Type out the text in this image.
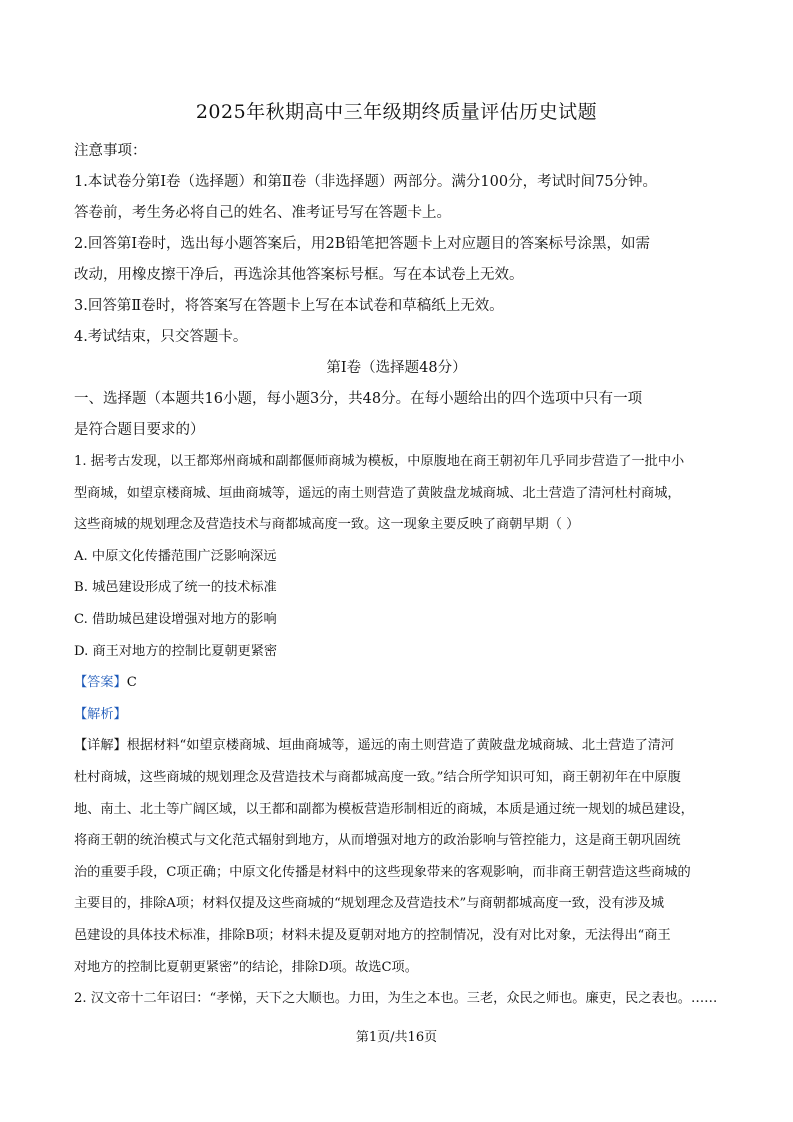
2025年秋期高中三年级期终质量评估历史试题

注意事项：

1.本试卷分第Ⅰ卷（选择题）和第Ⅱ卷（非选择题）两部分。满分100分，考试时间75分钟。

答卷前，考生务必将自己的姓名、准考证号写在答题卡上。

2.回答第Ⅰ卷时，选出每小题答案后，用2B铅笔把答题卡上对应题目的答案标号涂黑，如需

改动，用橡皮擦干净后，再选涂其他答案标号框。写在本试卷上无效。

3.回答第Ⅱ卷时，将答案写在答题卡上写在本试卷和草稿纸上无效。

4.考试结束，只交答题卡。

第Ⅰ卷（选择题48分）

一、选择题（本题共16小题，每小题3分，共48分。在每小题给出的四个选项中只有一项

是符合题目要求的）

1. 据考古发现，以王都郑州商城和副都偃师商城为模板，中原腹地在商王朝初年几乎同步营造了一批中小

型商城，如望京楼商城、垣曲商城等，遥远的南土则营造了黄陂盘龙城商城、北土营造了清河杜村商城，

这些商城的规划理念及营造技术与商都城高度一致。这一现象主要反映了商朝早期（ ）

A. 中原文化传播范围广泛影响深远

B. 城邑建设形成了统一的技术标准

C. 借助城邑建设增强对地方的影响

D. 商王对地方的控制比夏朝更紧密

【答案】C

【解析】

【详解】根据材料“如望京楼商城、垣曲商城等，遥远的南土则营造了黄陂盘龙城商城、北土营造了清河

杜村商城，这些商城的规划理念及营造技术与商都城高度一致。”结合所学知识可知，商王朝初年在中原腹

地、南土、北土等广阔区域，以王都和副都为模板营造形制相近的商城，本质是通过统一规划的城邑建设，

将商王朝的统治模式与文化范式辐射到地方，从而增强对地方的政治影响与管控能力，这是商王朝巩固统

治的重要手段，C项正确；中原文化传播是材料中的这些现象带来的客观影响，而非商王朝营造这些商城的

主要目的，排除A项；材料仅提及这些商城的“规划理念及营造技术”与商朝都城高度一致，没有涉及城

邑建设的具体技术标准，排除B项；材料未提及夏朝对地方的控制情况，没有对比对象，无法得出“商王

对地方的控制比夏朝更紧密”的结论，排除D项。故选C项。

2. 汉文帝十二年诏曰：“孝悌，天下之大顺也。力田，为生之本也。三老，众民之师也。廉吏，民之表也。……

第1页/共16页
